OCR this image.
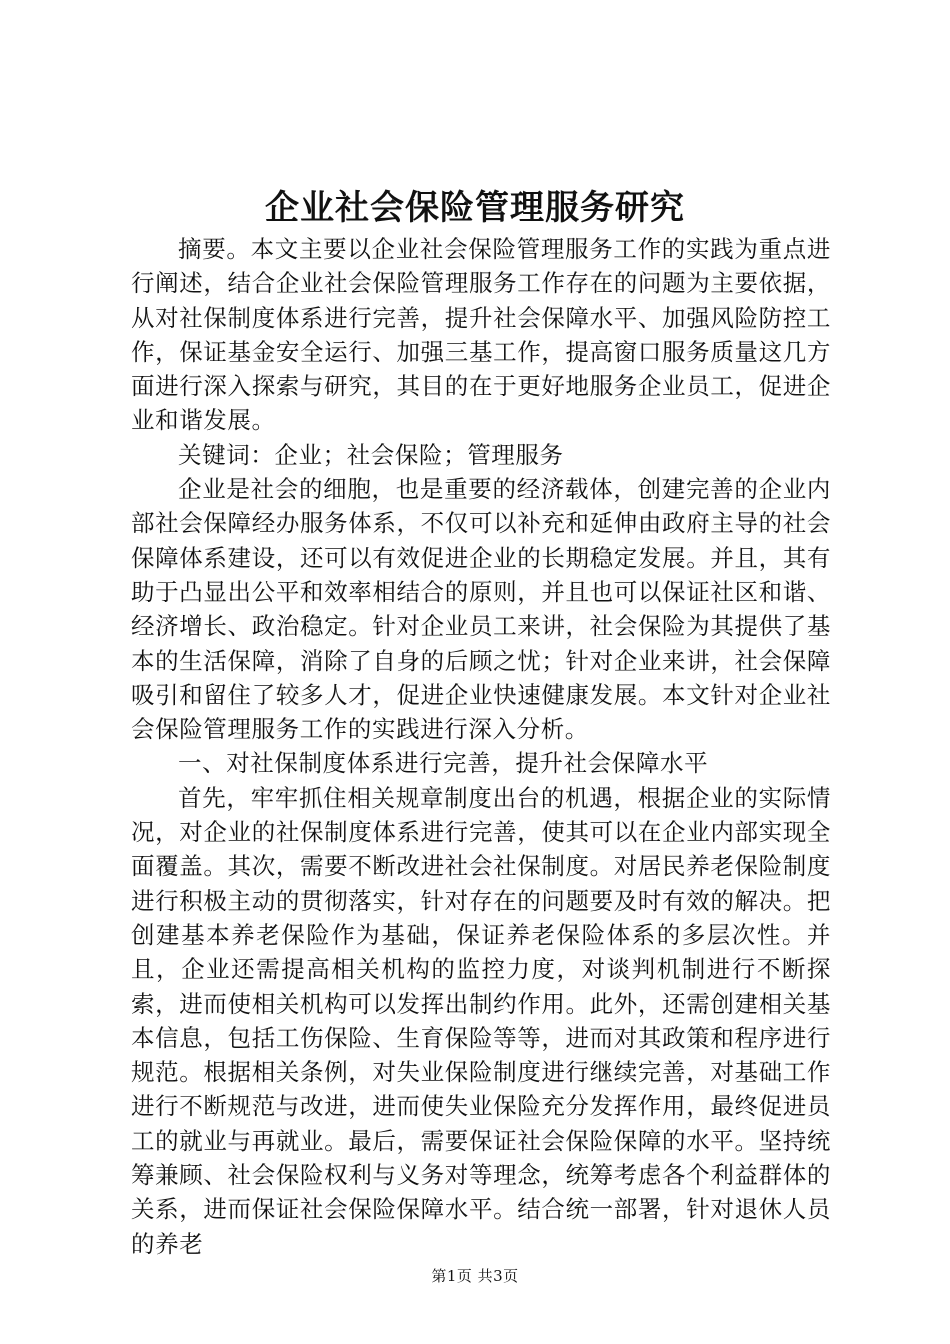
企业社会保险管理服务研究

摘要。本文主要以企业社会保险管理服务工作的实践为重点进行阐述，结合企业社会保险管理服务工作存在的问题为主要依据，从对社保制度体系进行完善，提升社会保障水平、加强风险防控工作，保证基金安全运行、加强三基工作，提高窗口服务质量这几方面进行深入探索与研究，其目的在于更好地服务企业员工，促进企业和谐发展。

关键词：企业；社会保险；管理服务

企业是社会的细胞，也是重要的经济载体，创建完善的企业内部社会保障经办服务体系，不仅可以补充和延伸由政府主导的社会保障体系建设，还可以有效促进企业的长期稳定发展。并且，其有助于凸显出公平和效率相结合的原则，并且也可以保证社区和谐、经济增长、政治稳定。针对企业员工来讲，社会保险为其提供了基本的生活保障，消除了自身的后顾之忧；针对企业来讲，社会保障吸引和留住了较多人才，促进企业快速健康发展。本文针对企业社会保险管理服务工作的实践进行深入分析。

一、对社保制度体系进行完善，提升社会保障水平

首先，牢牢抓住相关规章制度出台的机遇，根据企业的实际情况，对企业的社保制度体系进行完善，使其可以在企业内部实现全面覆盖。其次，需要不断改进社会社保制度。对居民养老保险制度进行积极主动的贯彻落实，针对存在的问题要及时有效的解决。把创建基本养老保险作为基础，保证养老保险体系的多层次性。并且，企业还需提高相关机构的监控力度，对谈判机制进行不断探索，进而使相关机构可以发挥出制约作用。此外，还需创建相关基本信息，包括工伤保险、生育保险等等，进而对其政策和程序进行规范。根据相关条例，对失业保险制度进行继续完善，对基础工作进行不断规范与改进，进而使失业保险充分发挥作用，最终促进员工的就业与再就业。最后，需要保证社会保险保障的水平。坚持统筹兼顾、社会保险权利与义务对等理念，统筹考虑各个利益群体的关系，进而保证社会保险保障水平。结合统一部署，针对退休人员的养老

第1页 共3页
